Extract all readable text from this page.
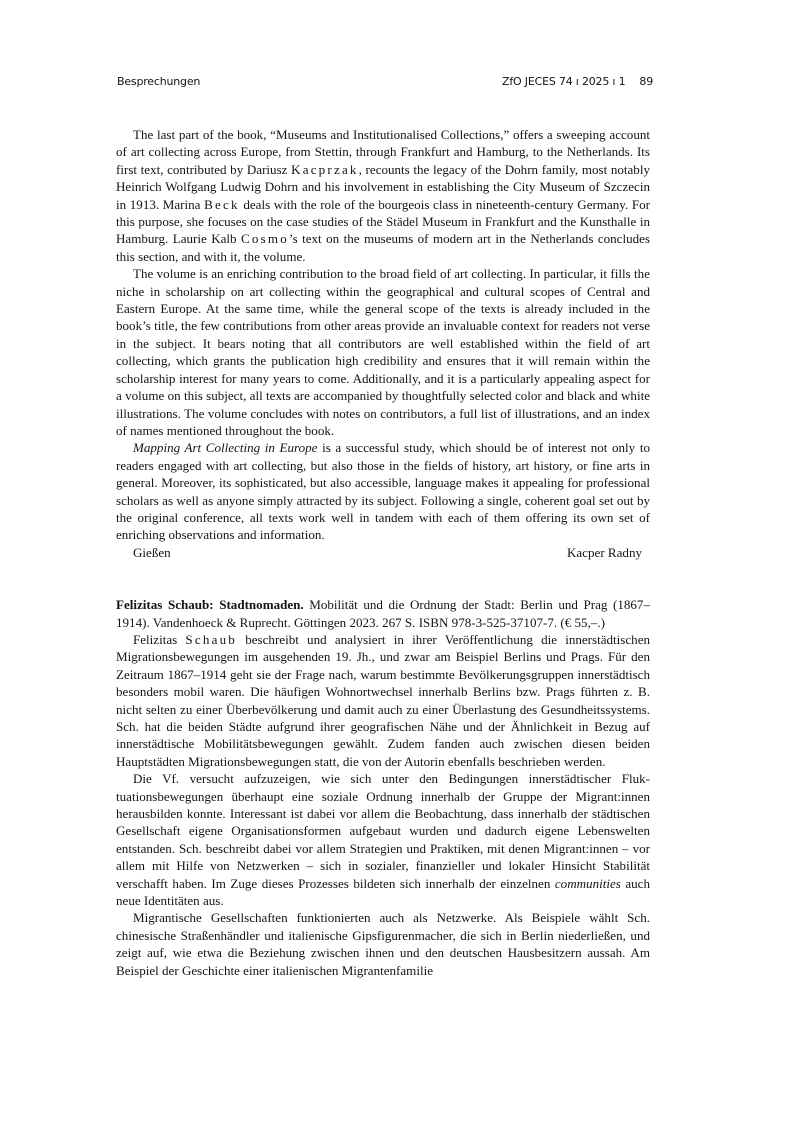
Besprechungen	ZfO JECES 74 ı 2025 ı 1 89

The last part of the book, “Museums and Institutionalised Collections,” offers a sweeping account of art collecting across Europe, from Stettin, through Frankfurt and Hamburg, to the Netherlands. Its first text, contributed by Dariusz Kacprzak, recounts the legacy of the Dohrn family, most notably Heinrich Wolfgang Ludwig Dohrn and his involvement in establishing the City Museum of Szczecin in 1913. Marina Beck deals with the role of the bourgeois class in nineteenth-century Germany. For this purpose, she focuses on the case studies of the Städel Museum in Frankfurt and the Kunsthalle in Hamburg. Laurie Kalb Cosmo’s text on the museums of modern art in the Netherlands concludes this section, and with it, the volume.

The volume is an enriching contribution to the broad field of art collecting. In particular, it fills the niche in scholarship on art collecting within the geographical and cultural scopes of Central and Eastern Europe. At the same time, while the general scope of the texts is already included in the book’s title, the few contributions from other areas provide an invaluable context for readers not verse in the subject. It bears noting that all contributors are well established within the field of art collecting, which grants the publication high credibility and ensures that it will remain within the scholarship interest for many years to come. Additionally, and it is a particularly appealing aspect for a volume on this subject, all texts are accompanied by thoughtfully selected color and black and white illustrations. The volume concludes with notes on contributors, a full list of illustrations, and an index of names mentioned throughout the book.

Mapping Art Collecting in Europe is a successful study, which should be of interest not only to readers engaged with art collecting, but also those in the fields of history, art history, or fine arts in general. Moreover, its sophisticated, but also accessible, language makes it appealing for professional scholars as well as anyone simply attracted by its subject. Following a single, coherent goal set out by the original conference, all texts work well in tandem with each of them offering its own set of enriching observations and information.

Gießen	Kacper Radny

Felizitas Schaub: Stadtnomaden. Mobilität und die Ordnung der Stadt: Berlin und Prag (1867–1914). Vandenhoeck & Ruprecht. Göttingen 2023. 267 S. ISBN 978-3-525-37107-7. (€ 55,–.)

Felizitas Schaub beschreibt und analysiert in ihrer Veröffentlichung die innerstädtischen Migrationsbewegungen im ausgehenden 19. Jh., und zwar am Beispiel Berlins und Prags. Für den Zeitraum 1867–1914 geht sie der Frage nach, warum bestimmte Bevölkerungsgruppen innerstädtisch besonders mobil waren. Die häufigen Wohnortwechsel innerhalb Berlins bzw. Prags führten z. B. nicht selten zu einer Überbevölkerung und damit auch zu einer Überlastung des Gesundheitssystems. Sch. hat die beiden Städte aufgrund ihrer geografischen Nähe und der Ähnlichkeit in Bezug auf innerstädtische Mobilitätsbewegungen gewählt. Zudem fanden auch zwischen diesen beiden Hauptstädten Migrationsbewegungen statt, die von der Autorin ebenfalls beschrieben werden.

Die Vf. versucht aufzuzeigen, wie sich unter den Bedingungen innerstädtischer Fluktuationsbewegungen überhaupt eine soziale Ordnung innerhalb der Gruppe der Migrant:innen herausbilden konnte. Interessant ist dabei vor allem die Beobachtung, dass innerhalb der städtischen Gesellschaft eigene Organisationsformen aufgebaut wurden und dadurch eigene Lebenswelten entstanden. Sch. beschreibt dabei vor allem Strategien und Praktiken, mit denen Migrant:innen – vor allem mit Hilfe von Netzwerken – sich in sozialer, finanzieller und lokaler Hinsicht Stabilität verschafft haben. Im Zuge dieses Prozesses bildeten sich innerhalb der einzelnen communities auch neue Identitäten aus.

Migrantische Gesellschaften funktionierten auch als Netzwerke. Als Beispiele wählt Sch. chinesische Straßenhändler und italienische Gipsfigurenmacher, die sich in Berlin niederließen, und zeigt auf, wie etwa die Beziehung zwischen ihnen und den deutschen Hausbesitzern aussah. Am Beispiel der Geschichte einer italienischen Migrantenfamilie
